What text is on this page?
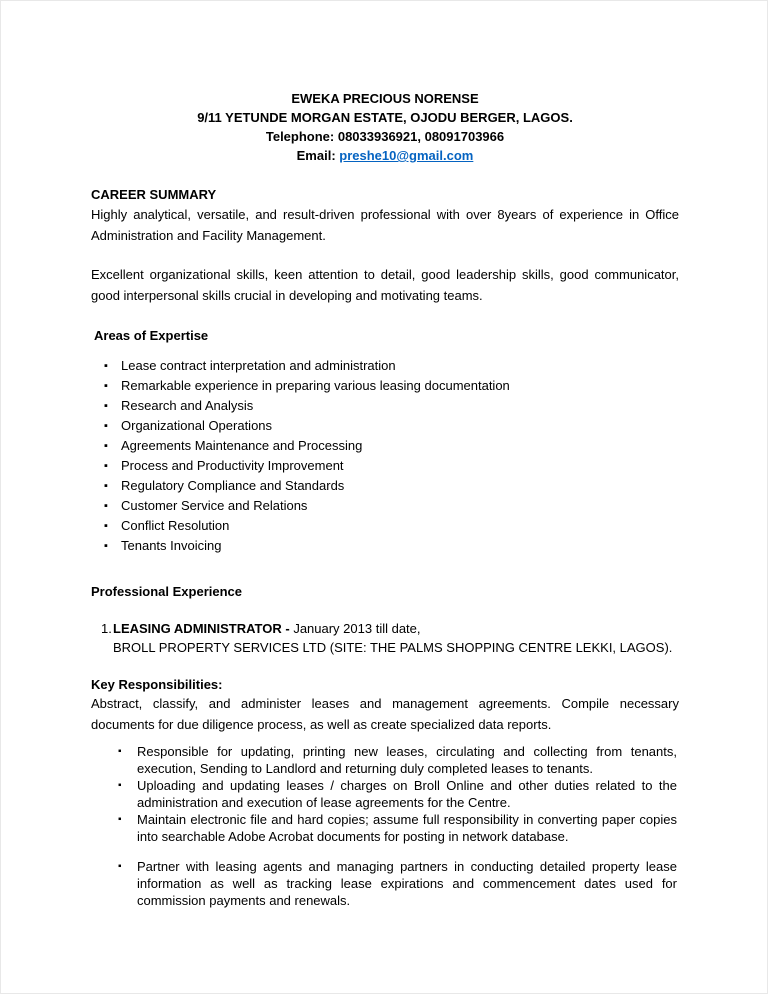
EWEKA PRECIOUS NORENSE
9/11 YETUNDE MORGAN ESTATE, OJODU BERGER, LAGOS.
Telephone: 08033936921, 08091703966
Email: preshe10@gmail.com
CAREER SUMMARY

Highly analytical, versatile, and result-driven professional with over 8years of experience in Office Administration and Facility Management.

Excellent organizational skills, keen attention to detail, good leadership skills, good communicator, good interpersonal skills crucial in developing and motivating teams.

Areas of Expertise
▪ Lease contract interpretation and administration
▪ Remarkable experience in preparing various leasing documentation
▪ Research and Analysis
▪ Organizational Operations
▪ Agreements Maintenance and Processing
▪ Process and Productivity Improvement
▪ Regulatory Compliance and Standards
▪ Customer Service and Relations
▪ Conflict Resolution
▪ Tenants Invoicing
Professional Experience
1. LEASING ADMINISTRATOR - January 2013 till date,
BROLL PROPERTY SERVICES LTD (SITE: THE PALMS SHOPPING CENTRE LEKKI, LAGOS).
Key Responsibilities:

Abstract, classify, and administer leases and management agreements. Compile necessary documents for due diligence process, as well as create specialized data reports.

▪ Responsible for updating, printing new leases, circulating and collecting from tenants, execution, Sending to Landlord and returning duly completed leases to tenants.
▪ Uploading and updating leases / charges on Broll Online and other duties related to the administration and execution of lease agreements for the Centre.
▪ Maintain electronic file and hard copies; assume full responsibility in converting paper copies into searchable Adobe Acrobat documents for posting in network database.
▪ Partner with leasing agents and managing partners in conducting detailed property lease information as well as tracking lease expirations and commencement dates used for commission payments and renewals.
